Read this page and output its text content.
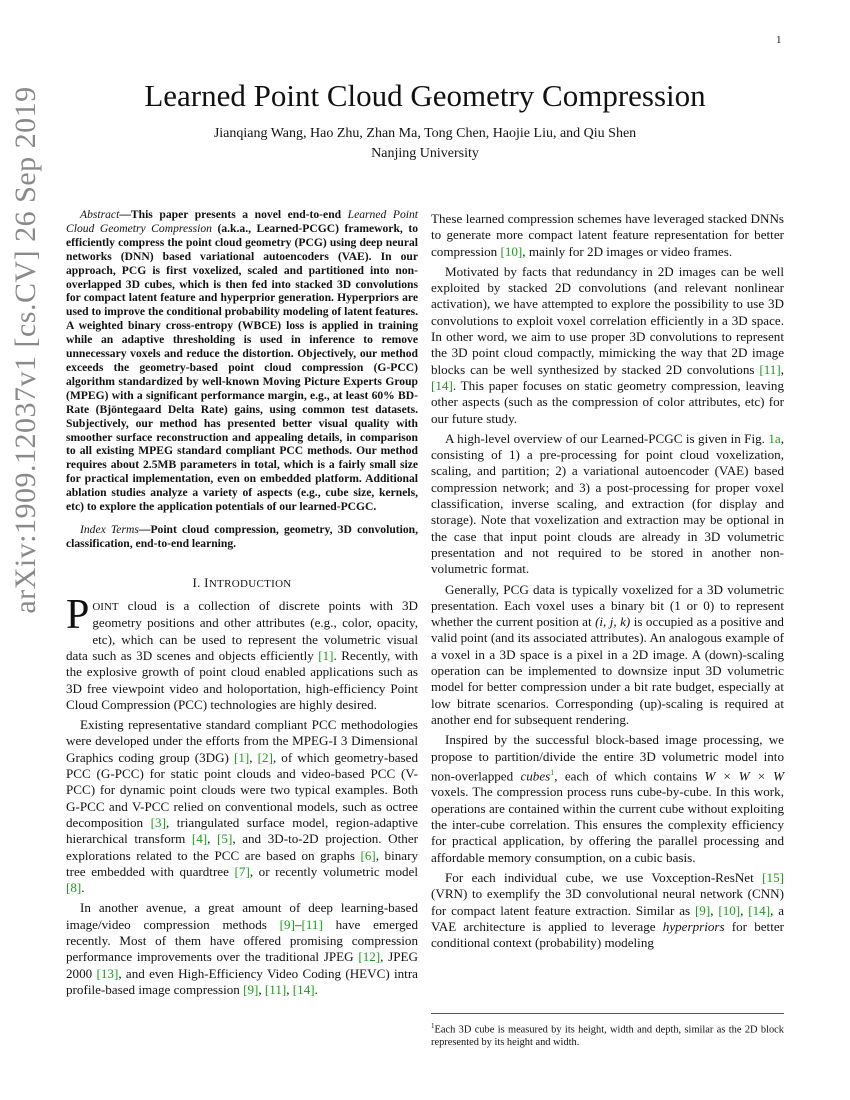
1
arXiv:1909.12037v1 [cs.CV] 26 Sep 2019	Learned Point Cloud Geometry Compression
Jianqiang Wang, Hao Zhu, Zhan Ma, Tong Chen, Haojie Liu, and Qiu Shen
Nanjing University

Abstract—This paper presents a novel end-to-end Learned Point Cloud Geometry Compression (a.k.a., Learned-PCGC) framework, to efficiently compress the point cloud geometry (PCG) using deep neural networks (DNN) based variational autoencoders (VAE). In our approach, PCG is first voxelized, scaled and partitioned into non-overlapped 3D cubes, which is then fed into stacked 3D convolutions for compact latent feature and hyperprior generation. Hyperpriors are used to improve the conditional probability modeling of latent features. A weighted binary cross-entropy (WBCE) loss is applied in training while an adaptive thresholding is used in inference to remove unnecessary voxels and reduce the distortion. Objectively, our method exceeds the geometry-based point cloud compression (G-PCC) algorithm standardized by well-known Moving Picture Experts Group (MPEG) with a significant performance margin, e.g., at least 60% BD-Rate (Bjöntegaard Delta Rate) gains, using common test datasets. Subjectively, our method has presented better visual quality with smoother surface reconstruction and appealing details, in comparison to all existing MPEG standard compliant PCC methods. Our method requires about 2.5MB parameters in total, which is a fairly small size for practical implementation, even on embedded platform. Additional ablation studies analyze a variety of aspects (e.g., cube size, kernels, etc) to explore the application potentials of our learned-PCGC.

Index Terms—Point cloud compression, geometry, 3D convolution, classification, end-to-end learning.

I. INTRODUCTION

POINT cloud is a collection of discrete points with 3D geometry positions and other attributes (e.g., color, opacity, etc), which can be used to represent the volumetric visual data such as 3D scenes and objects efficiently [1]. Recently, with the explosive growth of point cloud enabled applications such as 3D free viewpoint video and holoportation, high-efficiency Point Cloud Compression (PCC) technologies are highly desired.

Existing representative standard compliant PCC methodologies were developed under the efforts from the MPEG-I 3 Dimensional Graphics coding group (3DG) [1], [2], of which geometry-based PCC (G-PCC) for static point clouds and video-based PCC (V-PCC) for dynamic point clouds were two typical examples. Both G-PCC and V-PCC relied on conventional models, such as octree decomposition [3], triangulated surface model, region-adaptive hierarchical transform [4], [5], and 3D-to-2D projection. Other explorations related to the PCC are based on graphs [6], binary tree embedded with quardtree [7], or recently volumetric model [8].

In another avenue, a great amount of deep learning-based image/video compression methods [9]–[11] have emerged recently. Most of them have offered promising compression performance improvements over the traditional JPEG [12], JPEG 2000 [13], and even High-Efficiency Video Coding (HEVC) intra profile-based image compression [9], [11], [14].

These learned compression schemes have leveraged stacked DNNs to generate more compact latent feature representation for better compression [10], mainly for 2D images or video frames.

Motivated by facts that redundancy in 2D images can be well exploited by stacked 2D convolutions (and relevant nonlinear activation), we have attempted to explore the possibility to use 3D convolutions to exploit voxel correlation efficiently in a 3D space. In other word, we aim to use proper 3D convolutions to represent the 3D point cloud compactly, mimicking the way that 2D image blocks can be well synthesized by stacked 2D convolutions [11], [14]. This paper focuses on static geometry compression, leaving other aspects (such as the compression of color attributes, etc) for our future study.

A high-level overview of our Learned-PCGC is given in Fig. 1a, consisting of 1) a pre-processing for point cloud voxelization, scaling, and partition; 2) a variational autoencoder (VAE) based compression network; and 3) a post-processing for proper voxel classification, inverse scaling, and extraction (for display and storage). Note that voxelization and extraction may be optional in the case that input point clouds are already in 3D volumetric presentation and not required to be stored in another non-volumetric format.

Generally, PCG data is typically voxelized for a 3D volumetric presentation. Each voxel uses a binary bit (1 or 0) to represent whether the current position at (i, j, k) is occupied as a positive and valid point (and its associated attributes). An analogous example of a voxel in a 3D space is a pixel in a 2D image. A (down)-scaling operation can be implemented to downsize input 3D volumetric model for better compression under a bit rate budget, especially at low bitrate scenarios. Corresponding (up)-scaling is required at another end for subsequent rendering.

Inspired by the successful block-based image processing, we propose to partition/divide the entire 3D volumetric model into non-overlapped cubes$^1$, each of which contains W × W × W voxels. The compression process runs cube-by-cube. In this work, operations are contained within the current cube without exploiting the inter-cube correlation. This ensures the complexity efficiency for practical application, by offering the parallel processing and affordable memory consumption, on a cubic basis.

For each individual cube, we use Voxception-ResNet [15] (VRN) to exemplify the 3D convolutional neural network (CNN) for compact latent feature extraction. Similar as [9], [10], [14], a VAE architecture is applied to leverage hyperpriors for better conditional context (probability) modeling

$^1$Each 3D cube is measured by its height, width and depth, similar as the 2D block represented by its height and width.
